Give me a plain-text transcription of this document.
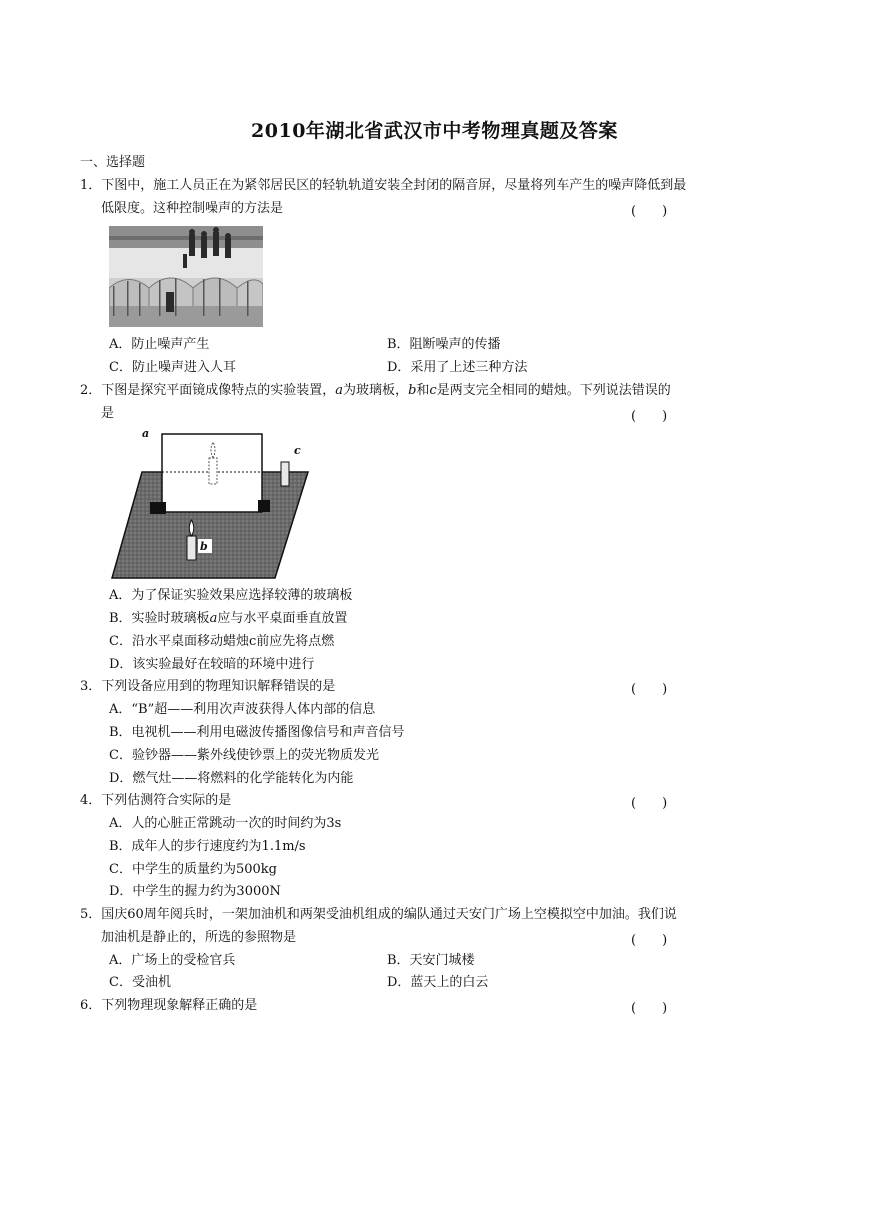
2010年湖北省武汉市中考物理真题及答案
一、选择题
1．下图中，施工人员正在为紧邻居民区的轻轨轨道安装全封闭的隔音屏，尽量将列车产生的噪声降低到最
低限度。这种控制噪声的方法是	(　　)
A．防止噪声产生	B．阻断噪声的传播
C．防止噪声进入人耳	D．采用了上述三种方法
2．下图是探究平面镜成像特点的实验装置，a为玻璃板，b和c是两支完全相同的蜡烛。下列说法错误的
是	(　　)
a
b
c
A．为了保证实验效果应选择较薄的玻璃板
B．实验时玻璃板a应与水平桌面垂直放置
C．沿水平桌面移动蜡烛c前应先将点燃
D．该实验最好在较暗的环境中进行
3．下列设备应用到的物理知识解释错误的是	(　　)
A．“B”超——利用次声波获得人体内部的信息
B．电视机——利用电磁波传播图像信号和声音信号
C．验钞器——紫外线使钞票上的荧光物质发光
D．燃气灶——将燃料的化学能转化为内能
4．下列估测符合实际的是	(　　)
A．人的心脏正常跳动一次的时间约为3s
B．成年人的步行速度约为1.1m/s
C．中学生的质量约为500kg
D．中学生的握力约为3000N
5．国庆60周年阅兵时，一架加油机和两架受油机组成的编队通过天安门广场上空模拟空中加油。我们说
加油机是静止的，所选的参照物是	(　　)
A．广场上的受检官兵	B．天安门城楼
C．受油机	D．蓝天上的白云
6．下列物理现象解释正确的是	(　　)
